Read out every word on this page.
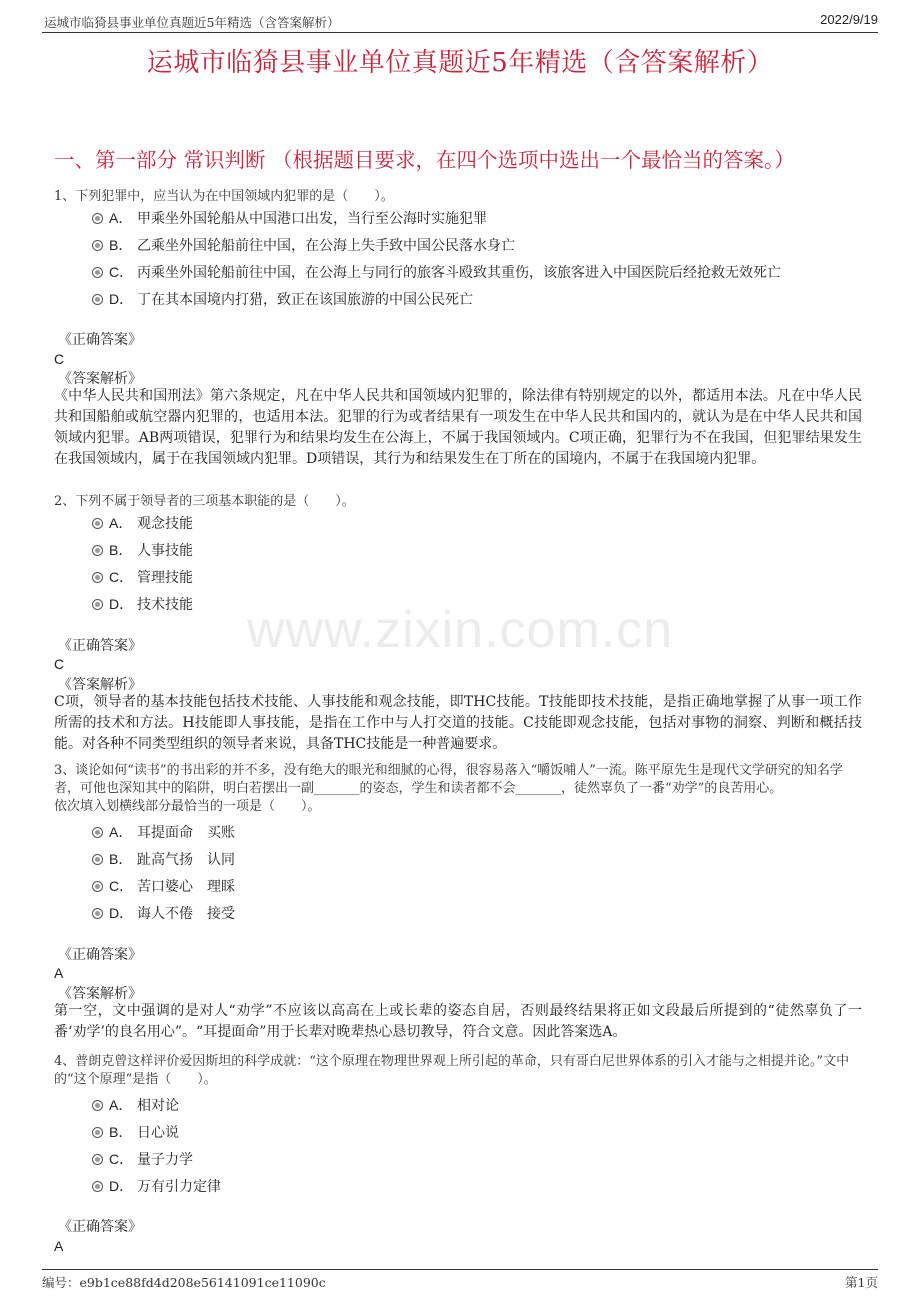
运城市临猗县事业单位真题近5年精选（含答案解析）	2022/9/19
运城市临猗县事业单位真题近5年精选（含答案解析）
一、第一部分 常识判断 （根据题目要求，在四个选项中选出一个最恰当的答案。）
1、下列犯罪中，应当认为在中国领域内犯罪的是（　　）。
A． 甲乘坐外国轮船从中国港口出发，当行至公海时实施犯罪
B． 乙乘坐外国轮船前往中国，在公海上失手致中国公民落水身亡
C． 丙乘坐外国轮船前往中国，在公海上与同行的旅客斗殴致其重伤，该旅客进入中国医院后经抢救无效死亡
D． 丁在其本国境内打猎，致正在该国旅游的中国公民死亡
《正确答案》
C
《答案解析》
《中华人民共和国刑法》第六条规定，凡在中华人民共和国领域内犯罪的，除法律有特别规定的以外，都适用本法。凡在中华人民共和国船舶或航空器内犯罪的，也适用本法。犯罪的行为或者结果有一项发生在中华人民共和国内的，就认为是在中华人民共和国领域内犯罪。AB两项错误，犯罪行为和结果均发生在公海上，不属于我国领域内。C项正确，犯罪行为不在我国，但犯罪结果发生在我国领域内，属于在我国领域内犯罪。D项错误，其行为和结果发生在丁所在的国境内，不属于在我国境内犯罪。
2、下列不属于领导者的三项基本职能的是（　　）。
A． 观念技能
B． 人事技能
C． 管理技能
D． 技术技能
《正确答案》
C
《答案解析》
C项，领导者的基本技能包括技术技能、人事技能和观念技能，即THC技能。T技能即技术技能，是指正确地掌握了从事一项工作所需的技术和方法。H技能即人事技能，是指在工作中与人打交道的技能。C技能即观念技能，包括对事物的洞察、判断和概括技能。对各种不同类型组织的领导者来说，具备THC技能是一种普遍要求。
3、谈论如何“读书”的书出彩的并不多，没有绝大的眼光和细腻的心得，很容易落入“嚼饭哺人”一流。陈平原先生是现代文学研究的知名学者，可他也深知其中的陷阱，明白若摆出一副_______的姿态，学生和读者都不会_______，徒然辜负了一番“劝学”的良苦用心。
依次填入划横线部分最恰当的一项是（　　）。
A． 耳提面命　买账
B． 趾高气扬　认同
C． 苦口婆心　理睬
D． 诲人不倦　接受
《正确答案》
A
《答案解析》
第一空，文中强调的是对人“劝学”不应该以高高在上或长辈的姿态自居，否则最终结果将正如文段最后所提到的“徒然辜负了一番‘劝学’的良名用心”。“耳提面命”用于长辈对晚辈热心恳切教导，符合文意。因此答案选A。
4、普朗克曾这样评价爱因斯坦的科学成就：“这个原理在物理世界观上所引起的革命，只有哥白尼世界体系的引入才能与之相提并论。”文中的“这个原理”是指（　　）。
A． 相对论
B． 日心说
C． 量子力学
D． 万有引力定律
《正确答案》
A
www.zixin.com.cn
编号：e9b1ce88fd4d208e56141091ce11090c	第1页
